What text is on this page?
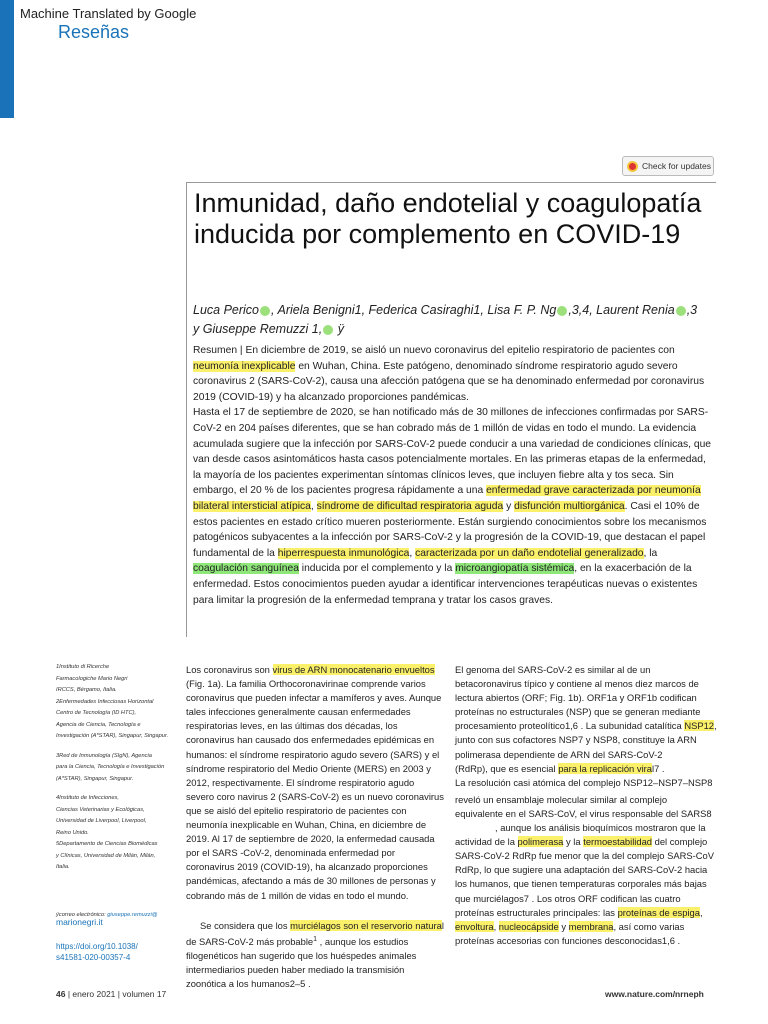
Machine Translated by Google
Reseñas
Check for updates
Inmunidad, daño endotelial y coagulopatía inducida por complemento en COVID-19
Luca Perico , Ariela Benigni1, Federica Casiraghi1, Lisa F. P. Ng ,3,4, Laurent Renia ,3
y Giuseppe Remuzzi 1, ÿ

Resumen | En diciembre de 2019, se aisló un nuevo coronavirus del epitelio respiratorio de pacientes con neumonía inexplicable en Wuhan, China. Este patógeno, denominado síndrome respiratorio agudo severo coronavirus 2 (SARS-CoV-2), causa una afección patógena que se ha denominado enfermedad por coronavirus 2019 (COVID-19) y ha alcanzado proporciones pandémicas.

Hasta el 17 de septiembre de 2020, se han notificado más de 30 millones de infecciones confirmadas por SARS-CoV-2 en 204 países diferentes, que se han cobrado más de 1 millón de vidas en todo el mundo. La evidencia acumulada sugiere que la infección por SARS-CoV-2 puede conducir a una variedad de condiciones clínicas, que van desde casos asintomáticos hasta casos potencialmente mortales. En las primeras etapas de la enfermedad, la mayoría de los pacientes experimentan síntomas clínicos leves, que incluyen fiebre alta y tos seca. Sin embargo, el 20 % de los pacientes progresa rápidamente a una enfermedad grave caracterizada por neumonía bilateral intersticial atípica, síndrome de dificultad respiratoria aguda y disfunción multiorgánica. Casi el 10% de estos pacientes en estado crítico mueren posteriormente. Están surgiendo conocimientos sobre los mecanismos patogénicos subyacentes a la infección por SARS-CoV-2 y la progresión de la COVID-19, que destacan el papel fundamental de la hiperrespuesta inmunológica, caracterizada por un daño endotelial generalizado, la coagulación sanguínea inducida por el complemento y la microangiopatía sistémica, en la exacerbación de la enfermedad. Estos conocimientos pueden ayudar a identificar intervenciones terapéuticas nuevas o existentes para limitar la progresión de la enfermedad temprana y tratar los casos graves.

1Instituto di Ricerche
Farmacologiche Mario Negri
IRCCS, Bérgamo, Italia.
2Enfermedades Infecciosas Horizontal
Centro de Tecnología (ID HTC),
Agencia de Ciencia, Tecnología e
Investigación (A*STAR), Singapur, Singapur.
3Red de Inmunología (SIgN), Agencia
para la Ciencia, Tecnología e Investigación
(A*STAR), Singapur, Singapur.
4Instituto de Infecciones,
Ciencias Veterinarias y Ecológicas,
Universidad de Liverpool, Liverpool,
Reino Unido.
5Departamento de Ciencias Biomédicas
y Clínicas, Universidad de Milán, Milán,
Italia.
ÿcorreo electrónico: giuseppe.remuzzi@
marionegri.it
https://doi.org/10.1038/
s41581-020-00357-4

Los coronavirus son virus de ARN monocatenario envueltos (Fig. 1a). La familia Orthocoronavirinae comprende varios coronavirus que pueden infectar a mamíferos y aves. Aunque tales infecciones generalmente causan enfermedades respiratorias leves, en las últimas dos décadas, los coronavirus han causado dos enfermedades epidémicas en humanos: el síndrome respiratorio agudo severo (SARS) y el síndrome respiratorio del Medio Oriente (MERS) en 2003 y 2012, respectivamente. El síndrome respiratorio agudo severo coro navirus 2 (SARS-CoV-2) es un nuevo coronavirus que se aisló del epitelio respiratorio de pacientes con neumonía inexplicable en Wuhan, China, en diciembre de 2019. Al 17 de septiembre de 2020, la enfermedad causada por el SARS -CoV-2, denominada enfermedad por coronavirus 2019 (COVID-19), ha alcanzado proporciones pandémicas, afectando a más de 30 millones de personas y cobrando más de 1 millón de vidas en todo el mundo.

Se considera que los murciélagos son el reservorio natural de SARS-CoV-2 más probable$^1$ , aunque los estudios filogenéticos han sugerido que los huéspedes animales intermediarios pueden haber mediado la transmisión zoonótica a los humanos2–5 .

El genoma del SARS-CoV-2 es similar al de un betacoronavirus típico y contiene al menos diez marcos de lectura abiertos (ORF; Fig. 1b). ORF1a y ORF1b codifican proteínas no estructurales (NSP) que se generan mediante procesamiento proteolítico1,6 . La subunidad catalítica NSP12, junto con sus cofactores NSP7 y NSP8, constituye la ARN polimerasa dependiente de ARN del SARS-CoV-2

(RdRp), que es esencial para la replicación viral7 .

La resolución casi atómica del complejo NSP12–NSP7–NSP8

reveló un ensamblaje molecular similar al complejo equivalente en el SARS-CoV, el virus responsable del SARS8

, aunque los análisis bioquímicos mostraron que la actividad de la polimerasa y la termoestabilidad del complejo SARS-CoV-2 RdRp fue menor que la del complejo SARS-CoV RdRp, lo que sugiere una adaptación del SARS-CoV-2 hacia los humanos, que tienen temperaturas corporales más bajas que murciélagos7 . Los otros ORF codifican las cuatro proteínas estructurales principales: las proteínas de espiga, envoltura, nucleocápside y membrana, así como varias proteínas accesorias con funciones desconocidas1,6 .

46 | enero 2021 | volumen 17	www.nature.com/nrneph
